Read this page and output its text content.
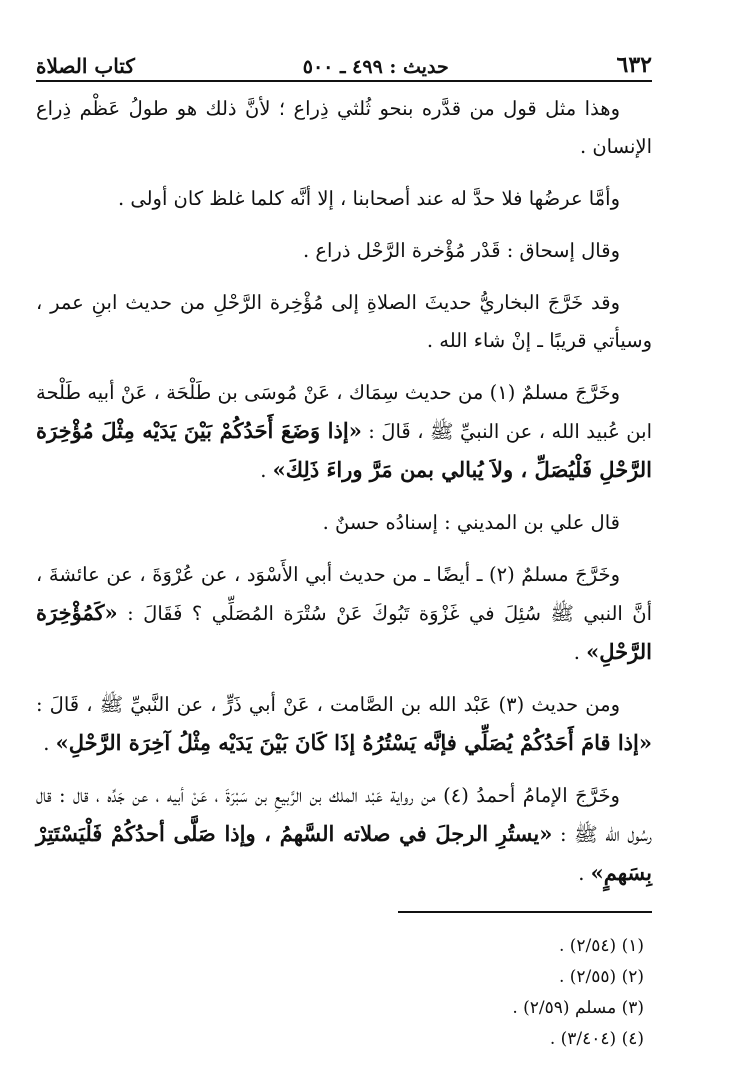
٦٣٢
حديث : ٤٩٩ ـ ٥٠٠
كتاب الصلاة

وهذا مثل قول من قدَّره بنحو ثُلثي ذِراع ؛ لأنَّ ذلك هو طولُ عَظْم ذِراع الإنسان .

وأمَّا عرضُها فلا حدَّ له عند أصحابنا ، إلا أنَّه كلما غلظ كان أولى .

وقال إسحاق : قَدْر مُؤْخرة الرَّحْل ذراع .

وقد خَرَّجَ البخاريُّ حديثَ الصلاةِ إلى مُؤْخِرة الرَّحْلِ من حديث ابنِ عمر ، وسيأتي قريبًا ـ إنْ شاء الله .

وخَرَّجَ مسلمٌ (١) من حديث سِمَاك ، عَنْ مُوسَى بن طَلْحَة ، عَنْ أبيه طَلْحة ابن عُبيد الله ، عن النبيِّ ﷺ ، قَالَ : «إذا وَضَعَ أَحَدُكُمْ بَيْنَ يَدَيْه مِثْلَ مُؤْخِرَة الرَّحْلِ فَلْيُصَلِّ ، ولاَ يُبالي بمن مَرَّ وراءَ ذَلِكَ» .

قال علي بن المديني : إسنادُه حسنٌ .

وخَرَّجَ مسلمٌ (٢) ـ أيضًا ـ من حديث أبي الأَسْوَد ، عن عُرْوَةَ ، عن عائشةَ ، أنَّ النبي ﷺ سُئِلَ في غَزْوَة تَبُوكَ عَنْ سُتْرَة المُصَلِّي ؟ فَقَالَ : «كَمُؤْخِرَة الرَّحْلِ» .

ومن حديث (٣) عَبْد الله بن الصَّامت ، عَنْ أبي ذَرٍّ ، عن النَّبيِّ ﷺ ، قَالَ : «إذا قامَ أَحَدُكُمْ يُصَلِّي فإنَّه يَسْتُرُهُ إذَا كَانَ بَيْنَ يَدَيْه مِثْلُ آخِرَة الرَّحْلِ» .

وخَرَّجَ الإمامُ أحمدُ (٤) من رواية عَبْد الملك بن الرَّبيعِ بن سَبْرَةَ ، عَنْ أبيه ، عن جَدِّه ، قال : قال رسُول الله ﷺ : «يستُرِ الرجلَ في صلاته السَّهمُ ، وإذا صَلَّى أحدُكُمْ فَلْيَسْتَتِرْ بِسَهمٍ» .

(١) (٢/٥٤) .

(٢) (٢/٥٥) .

(٣) مسلم (٢/٥٩) .

(٤) (٣/٤٠٤) .
